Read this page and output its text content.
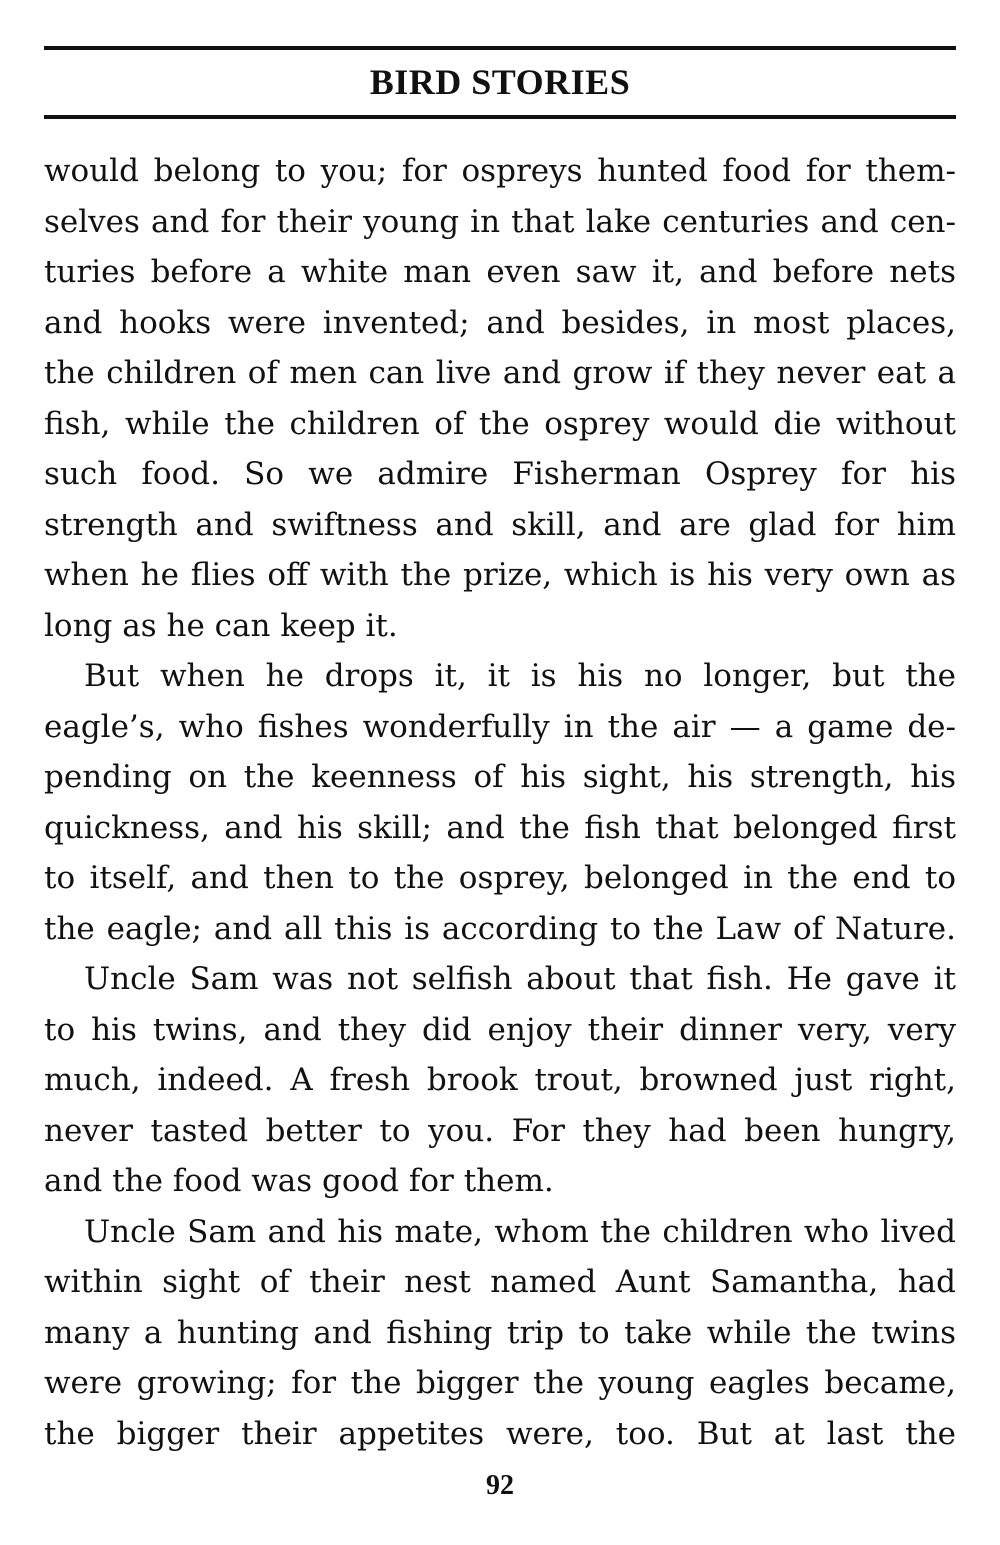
BIRD STORIES
would belong to you; for ospreys hunted food for them-
selves and for their young in that lake centuries and cen-
turies before a white man even saw it, and before nets
and hooks were invented; and besides, in most places,
the children of men can live and grow if they never eat a
fish, while the children of the osprey would die without
such food. So we admire Fisherman Osprey for his
strength and swiftness and skill, and are glad for him
when he flies off with the prize, which is his very own as
long as he can keep it.
But when he drops it, it is his no longer, but the
eagle’s, who fishes wonderfully in the air — a game de-
pending on the keenness of his sight, his strength, his
quickness, and his skill; and the fish that belonged first
to itself, and then to the osprey, belonged in the end to
the eagle; and all this is according to the Law of Nature.
Uncle Sam was not selfish about that fish. He gave it
to his twins, and they did enjoy their dinner very, very
much, indeed. A fresh brook trout, browned just right,
never tasted better to you. For they had been hungry,
and the food was good for them.
Uncle Sam and his mate, whom the children who lived
within sight of their nest named Aunt Samantha, had
many a hunting and fishing trip to take while the twins
were growing; for the bigger the young eagles became,
the bigger their appetites were, too. But at last the
92
